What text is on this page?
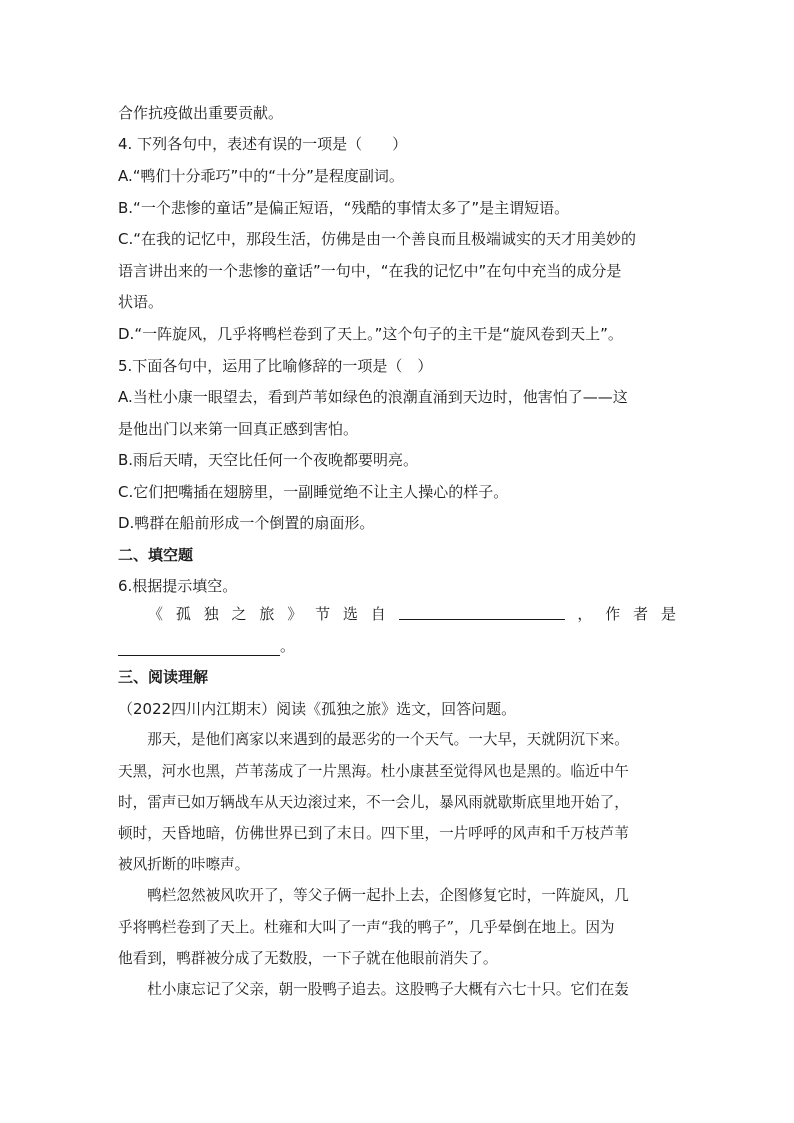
合作抗疫做出重要贡献。
4. 下列各句中，表述有误的一项是（　　）
A.“鸭们十分乖巧”中的“十分”是程度副词。
B.“一个悲惨的童话”是偏正短语，“残酷的事情太多了”是主谓短语。
C.“在我的记忆中，那段生活，仿佛是由一个善良而且极端诚实的天才用美妙的
语言讲出来的一个悲惨的童话”一句中，“在我的记忆中”在句中充当的成分是
状语。
D.“一阵旋风，几乎将鸭栏卷到了天上。”这个句子的主干是“旋风卷到天上”。
5.下面各句中，运用了比喻修辞的一项是（　）
A.当杜小康一眼望去，看到芦苇如绿色的浪潮直涌到天边时，他害怕了——这
是他出门以来第一回真正感到害怕。
B.雨后天晴，天空比任何一个夜晚都要明亮。
C.它们把嘴插在翅膀里，一副睡觉绝不让主人操心的样子。
D.鸭群在船前形成一个倒置的扇面形。
二、填空题
6.根据提示填空。
《 孤 独 之 旅 》 节 选 自	， 作 者 是
。
三、阅读理解
（2022四川内江期末）阅读《孤独之旅》选文，回答问题。
　　那天，是他们离家以来遇到的最恶劣的一个天气。一大早，天就阴沉下来。
天黑，河水也黑，芦苇荡成了一片黑海。杜小康甚至觉得风也是黑的。临近中午
时，雷声已如万辆战车从天边滚过来，不一会儿，暴风雨就歇斯底里地开始了，
顿时，天昏地暗，仿佛世界已到了末日。四下里，一片呼呼的风声和千万枝芦苇
被风折断的咔嚓声。
　　鸭栏忽然被风吹开了，等父子俩一起扑上去，企图修复它时，一阵旋风，几
乎将鸭栏卷到了天上。杜雍和大叫了一声“我的鸭子”，几乎晕倒在地上。因为
他看到，鸭群被分成了无数股，一下子就在他眼前消失了。
　　杜小康忘记了父亲，朝一股鸭子追去。这股鸭子大概有六七十只。它们在轰
